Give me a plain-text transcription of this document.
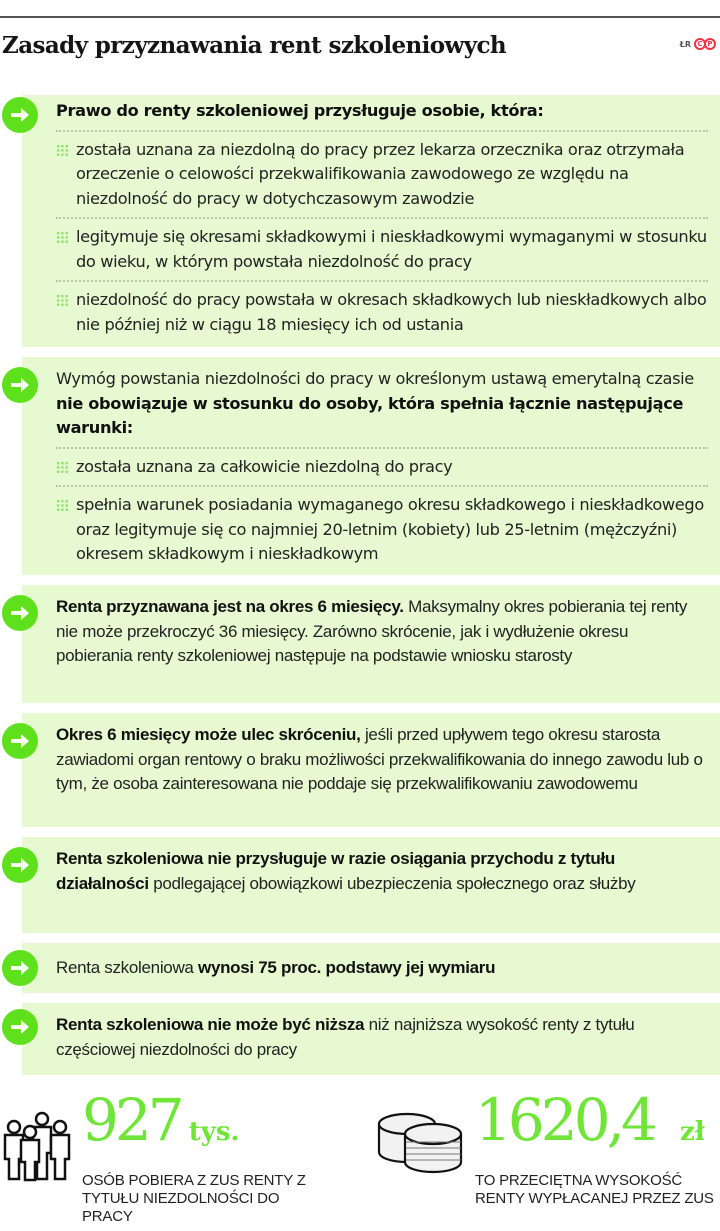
Zasady przyznawania rent szkoleniowych	ŁR C P
Prawo do renty szkoleniowej przysługuje osobie, która:
została uznana za niezdolną do pracy przez lekarza orzecznika oraz otrzymała orzeczenie o celowości przekwalifikowania zawodowego ze względu na niezdolność do pracy w dotychczasowym zawodzie
legitymuje się okresami składkowymi i nieskładkowymi wymaganymi w stosunku do wieku, w którym powstała niezdolność do pracy
niezdolność do pracy powstała w okresach składkowych lub nieskładkowych albo nie później niż w ciągu 18 miesięcy ich od ustania
Wymóg powstania niezdolności do pracy w określonym ustawą emerytalną czasie nie obowiązuje w stosunku do osoby, która spełnia łącznie następujące warunki:
została uznana za całkowicie niezdolną do pracy
spełnia warunek posiadania wymaganego okresu składkowego i nieskładkowego oraz legitymuje się co najmniej 20-letnim (kobiety) lub 25-letnim (mężczyźni) okresem składkowym i nieskładkowym
Renta przyznawana jest na okres 6 miesięcy. Maksymalny okres pobierania tej renty nie może przekroczyć 36 miesięcy. Zarówno skrócenie, jak i wydłużenie okresu pobierania renty szkoleniowej następuje na podstawie wniosku starosty
Okres 6 miesięcy może ulec skróceniu, jeśli przed upływem tego okresu starosta zawiadomi organ rentowy o braku możliwości przekwalifikowania do innego zawodu lub o tym, że osoba zainteresowana nie poddaje się przekwalifikowaniu zawodowemu
Renta szkoleniowa nie przysługuje w razie osiągania przychodu z tytułu działalności podlegającej obowiązkowi ubezpieczenia społecznego oraz służby
Renta szkoleniowa wynosi 75 proc. podstawy jej wymiaru
Renta szkoleniowa nie może być niższa niż najniższa wysokość renty z tytułu częściowej niezdolności do pracy
927 tys.
OSÓB POBIERA Z ZUS RENTY Z TYTUŁU NIEZDOLNOŚCI DO PRACY
1620,4 zł
TO PRZECIĘTNA WYSOKOŚĆ RENTY WYPŁACANEJ PRZEZ ZUS
